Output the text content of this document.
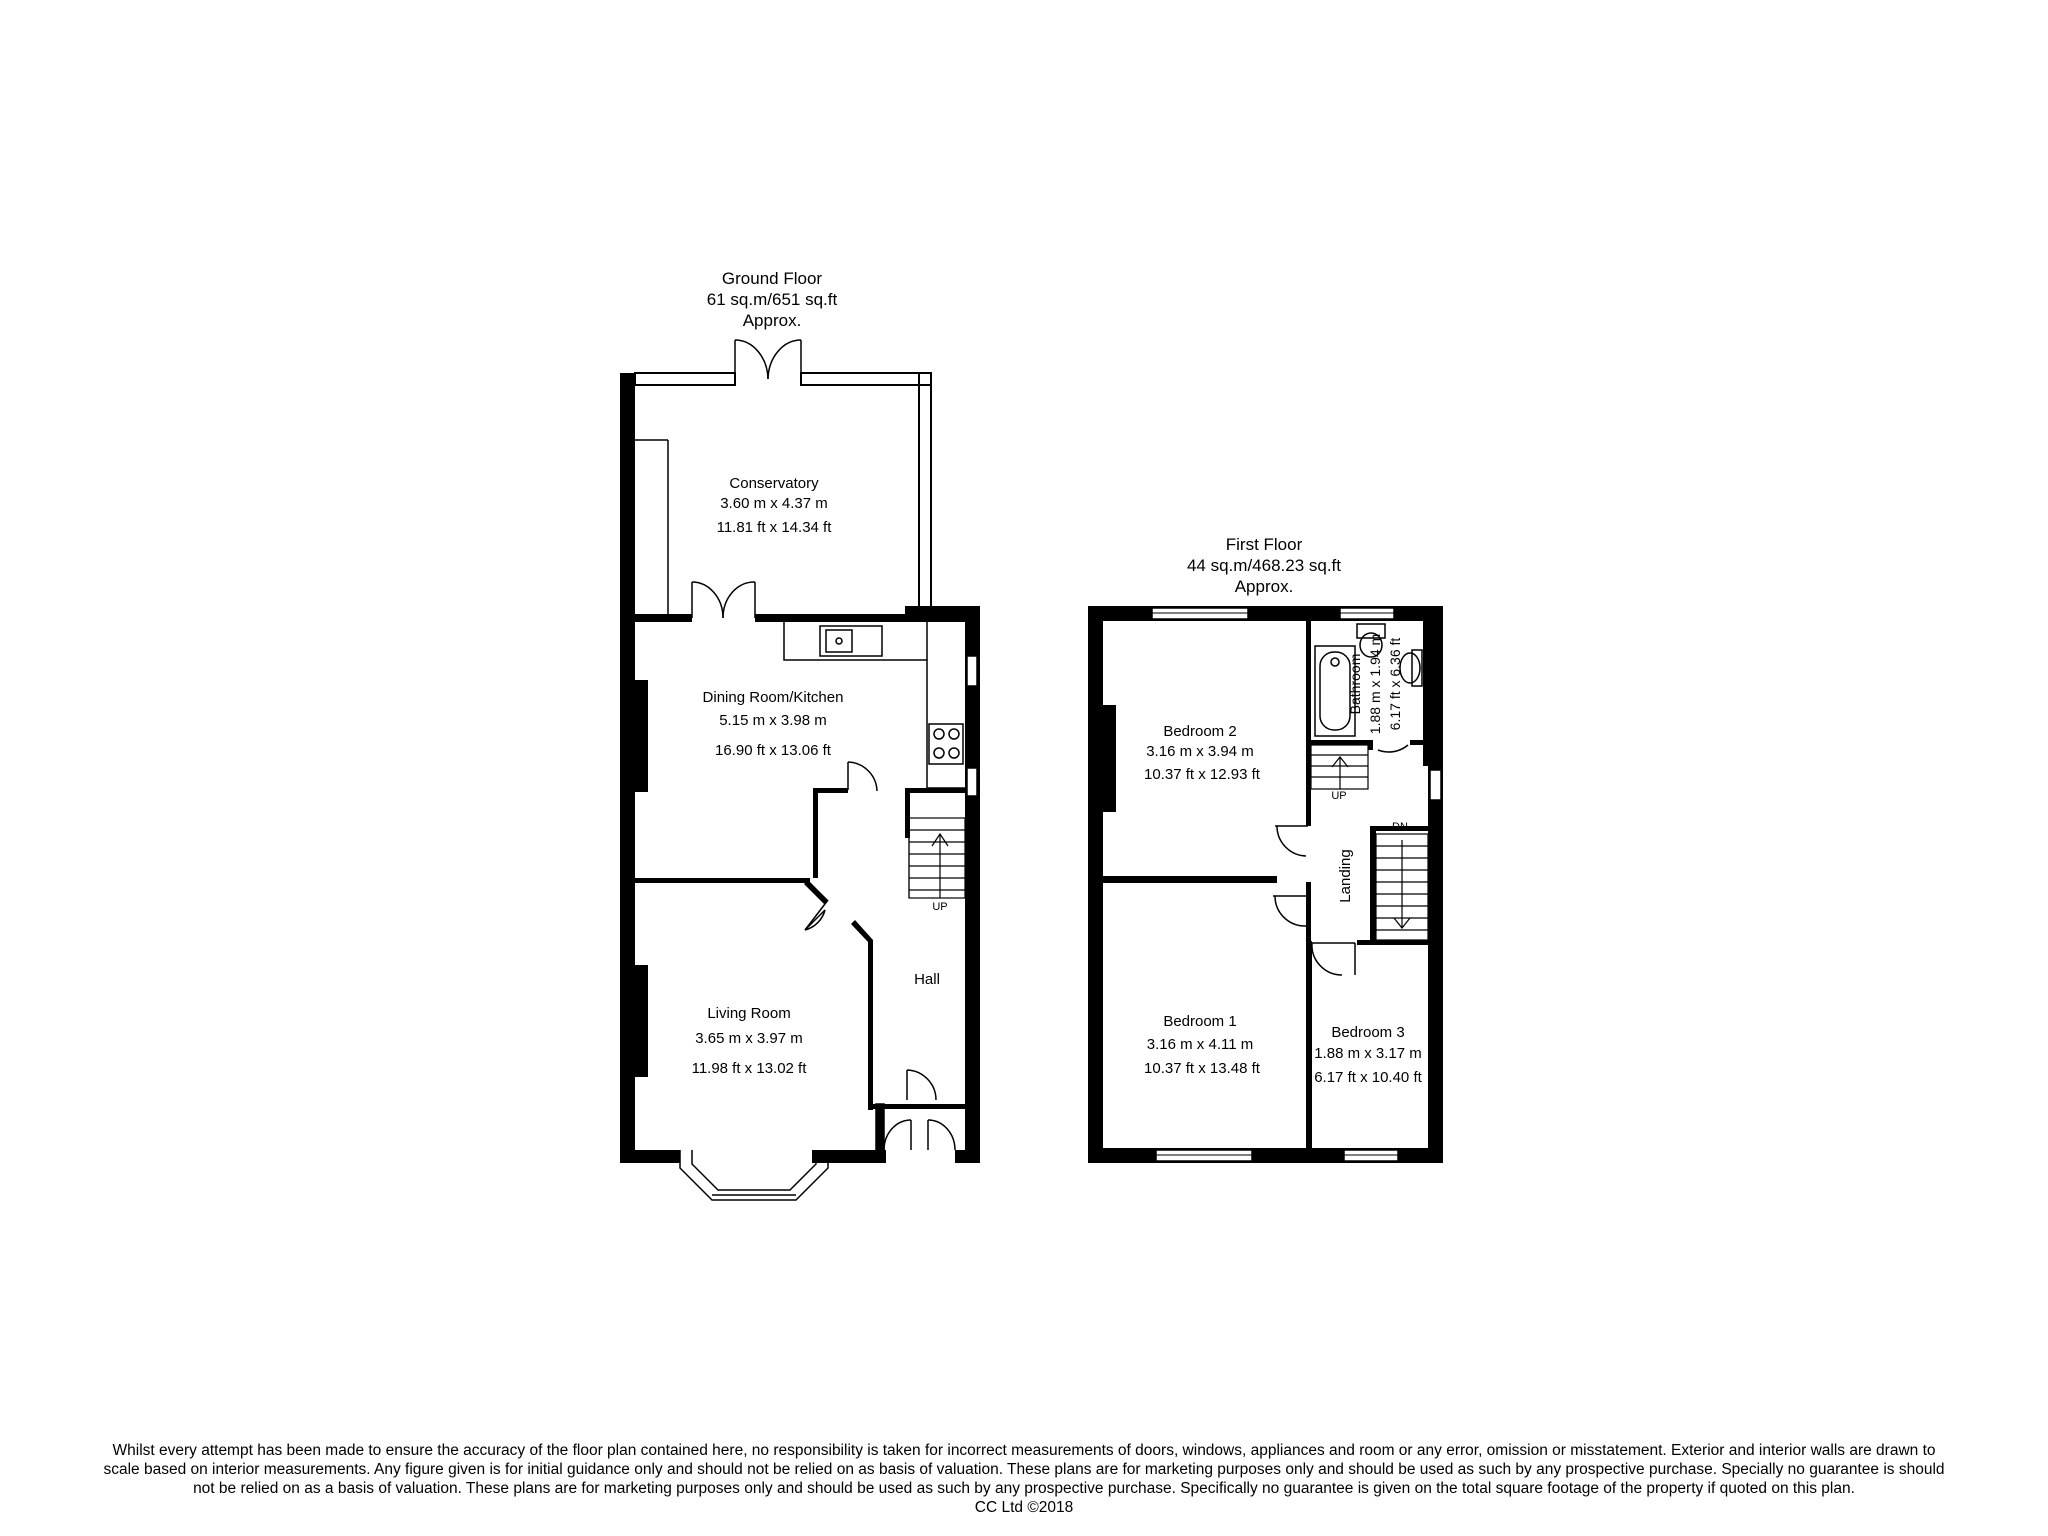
Ground Floor
61 sq.m/651 sq.ft
Approx.
Conservatory
3.60 m x 4.37 m
11.81 ft x 14.34 ft
Dining Room/Kitchen
5.15 m x 3.98 m
16.90 ft x 13.06 ft
Living Room
3.65 m x 3.97 m
11.98 ft x 13.02 ft
Hall
UP
First Floor
44 sq.m/468.23 sq.ft
Approx.
Bedroom 2
3.16 m x 3.94 m
10.37 ft x 12.93 ft
Bedroom 1
3.16 m x 4.11 m
10.37 ft x 13.48 ft
Bedroom 3
1.88 m x 3.17 m
6.17 ft x 10.40 ft
Bathroom 1.88 m x 1.94 m 6.17 ft x 6.36 ft
Landing
UP
DN
Whilst every attempt has been made to ensure the accuracy of the floor plan contained here, no responsibility is taken for incorrect measurements of doors, windows, appliances and room or any error, omission or misstatement. Exterior and interior walls are drawn to
scale based on interior measurements. Any figure given is for initial guidance only and should not be relied on as basis of valuation. These plans are for marketing purposes only and should be used as such by any prospective purchase. Specially no guarantee is should
not be relied on as a basis of valuation. These plans are for marketing purposes only and should be used as such by any prospective purchase. Specifically no guarantee is given on the total square footage of the property if quoted on this plan.
CC Ltd ©2018
